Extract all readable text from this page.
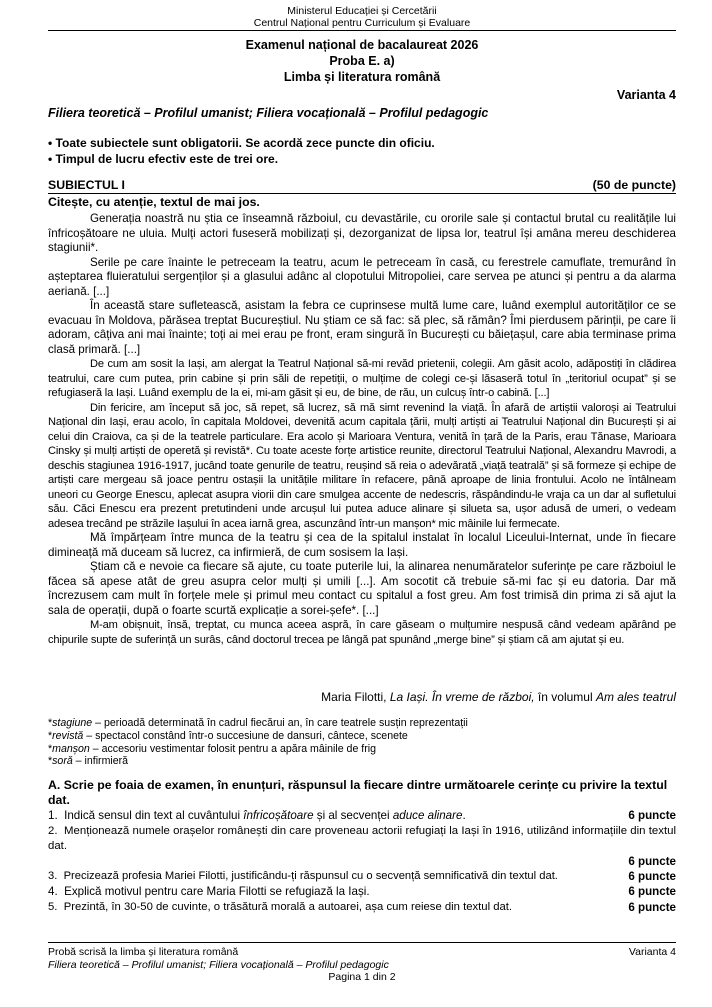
Ministerul Educației și Cercetării
Centrul Național pentru Curriculum și Evaluare
Examenul național de bacalaureat 2026
Proba E. a)
Limba și literatura română
Varianta 4
Filiera teoretică – Profilul umanist; Filiera vocațională – Profilul pedagogic
• Toate subiectele sunt obligatorii. Se acordă zece puncte din oficiu.
• Timpul de lucru efectiv este de trei ore.
SUBIECTUL I	(50 de puncte)
Citește, cu atenție, textul de mai jos.

Generația noastră nu știa ce înseamnă războiul, cu devastările, cu ororile sale și contactul brutal cu realitățile lui înfricoșătoare ne uluia. Mulți actori fuseseră mobilizați și, dezorganizat de lipsa lor, teatrul își amâna mereu deschiderea stagiunii*.

Serile pe care înainte le petreceam la teatru, acum le petreceam în casă, cu ferestrele camuflate, tremurând în așteptarea fluieratului sergenților și a glasului adânc al clopotului Mitropoliei, care servea pe atunci și pentru a da alarma aeriană. [...]

În această stare sufletească, asistam la febra ce cuprinsese multă lume care, luând exemplul autorităților ce se evacuau în Moldova, părăsea treptat Bucureștiul. Nu știam ce să fac: să plec, să rămân? Îmi pierdusem părinții, pe care îi adoram, câțiva ani mai înainte; toți ai mei erau pe front, eram singură în București cu băiețașul, care abia terminase prima clasă primară. [...]

De cum am sosit la Iași, am alergat la Teatrul Național să-mi revăd prietenii, colegii. Am găsit acolo, adăpostiți în clădirea teatrului, care cum putea, prin cabine și prin săli de repetiții, o mulțime de colegi ce-și lăsaseră totul în „teritoriul ocupat” și se refugiaseră la Iași. Luând exemplu de la ei, mi-am găsit și eu, de bine, de rău, un culcuș într-o cabină. [...]

Din fericire, am început să joc, să repet, să lucrez, să mă simt revenind la viață. În afară de artiștii valoroși ai Teatrului Național din Iași, erau acolo, în capitala Moldovei, devenită acum capitala țării, mulți artiști ai Teatrului Național din București și ai celui din Craiova, ca și de la teatrele particulare. Era acolo și Marioara Ventura, venită în țară de la Paris, erau Tănase, Marioara Cinsky și mulți artiști de operetă și revistă*. Cu toate aceste forțe artistice reunite, directorul Teatrului Național, Alexandru Mavrodi, a deschis stagiunea 1916-1917, jucând toate genurile de teatru, reușind să reia o adevărată „viață teatrală” și să formeze și echipe de artiști care mergeau să joace pentru ostașii la unitățile militare în refacere, până aproape de linia frontului. Acolo ne întâlneam uneori cu George Enescu, aplecat asupra viorii din care smulgea accente de nedescris, răspândindu-le vraja ca un dar al sufletului său. Căci Enescu era prezent pretutindeni unde arcușul lui putea aduce alinare și silueta sa, ușor adusă de umeri, o vedeam adesea trecând pe străzile Iașului în acea iarnă grea, ascunzând într-un manșon* mic mâinile lui fermecate.

Mă împărțeam între munca de la teatru și cea de la spitalul instalat în localul Liceului-Internat, unde în fiecare dimineață mă duceam să lucrez, ca infirmieră, de cum sosisem la Iași.

Știam că e nevoie ca fiecare să ajute, cu toate puterile lui, la alinarea nenumăratelor suferințe pe care războiul le făcea să apese atât de greu asupra celor mulți și umili [...]. Am socotit că trebuie să-mi fac și eu datoria. Dar mă încrezusem cam mult în forțele mele și primul meu contact cu spitalul a fost greu. Am fost trimisă din prima zi să ajut la sala de operații, după o foarte scurtă explicație a sorei-șefe*. [...]

M-am obișnuit, însă, treptat, cu munca aceea aspră, în care găseam o mulțumire nespusă când vedeam apărând pe chipurile supte de suferință un surâs, când doctorul trecea pe lângă pat spunând „merge bine” și știam că am ajutat și eu.

Maria Filotti, La Iași. În vreme de război, în volumul Am ales teatrul
*stagiune – perioadă determinată în cadrul fiecărui an, în care teatrele susțin reprezentații
*revistă – spectacol constând într-o succesiune de dansuri, cântece, scenete
*manșon – accesoriu vestimentar folosit pentru a apăra mâinile de frig
*soră – infirmieră
A. Scrie pe foaia de examen, în enunțuri, răspunsul la fiecare dintre următoarele cerințe cu privire la textul dat.
1. Indică sensul din text al cuvântului înfricoșătoare și al secvenței aduce alinare.	6 puncte
2. Menționează numele orașelor românești din care proveneau actorii refugiați la Iași în 1916, utilizând informațiile din textul dat.
6 puncte
3. Precizează profesia Mariei Filotti, justificându-ți răspunsul cu o secvență semnificativă din textul dat.	6 puncte
4. Explică motivul pentru care Maria Filotti se refugiază la Iași.	6 puncte
5. Prezintă, în 30-50 de cuvinte, o trăsătură morală a autoarei, așa cum reiese din textul dat.	6 puncte
Probă scrisă la limba și literatura română	Varianta 4
Filiera teoretică – Profilul umanist; Filiera vocațională – Profilul pedagogic
Pagina 1 din 2
